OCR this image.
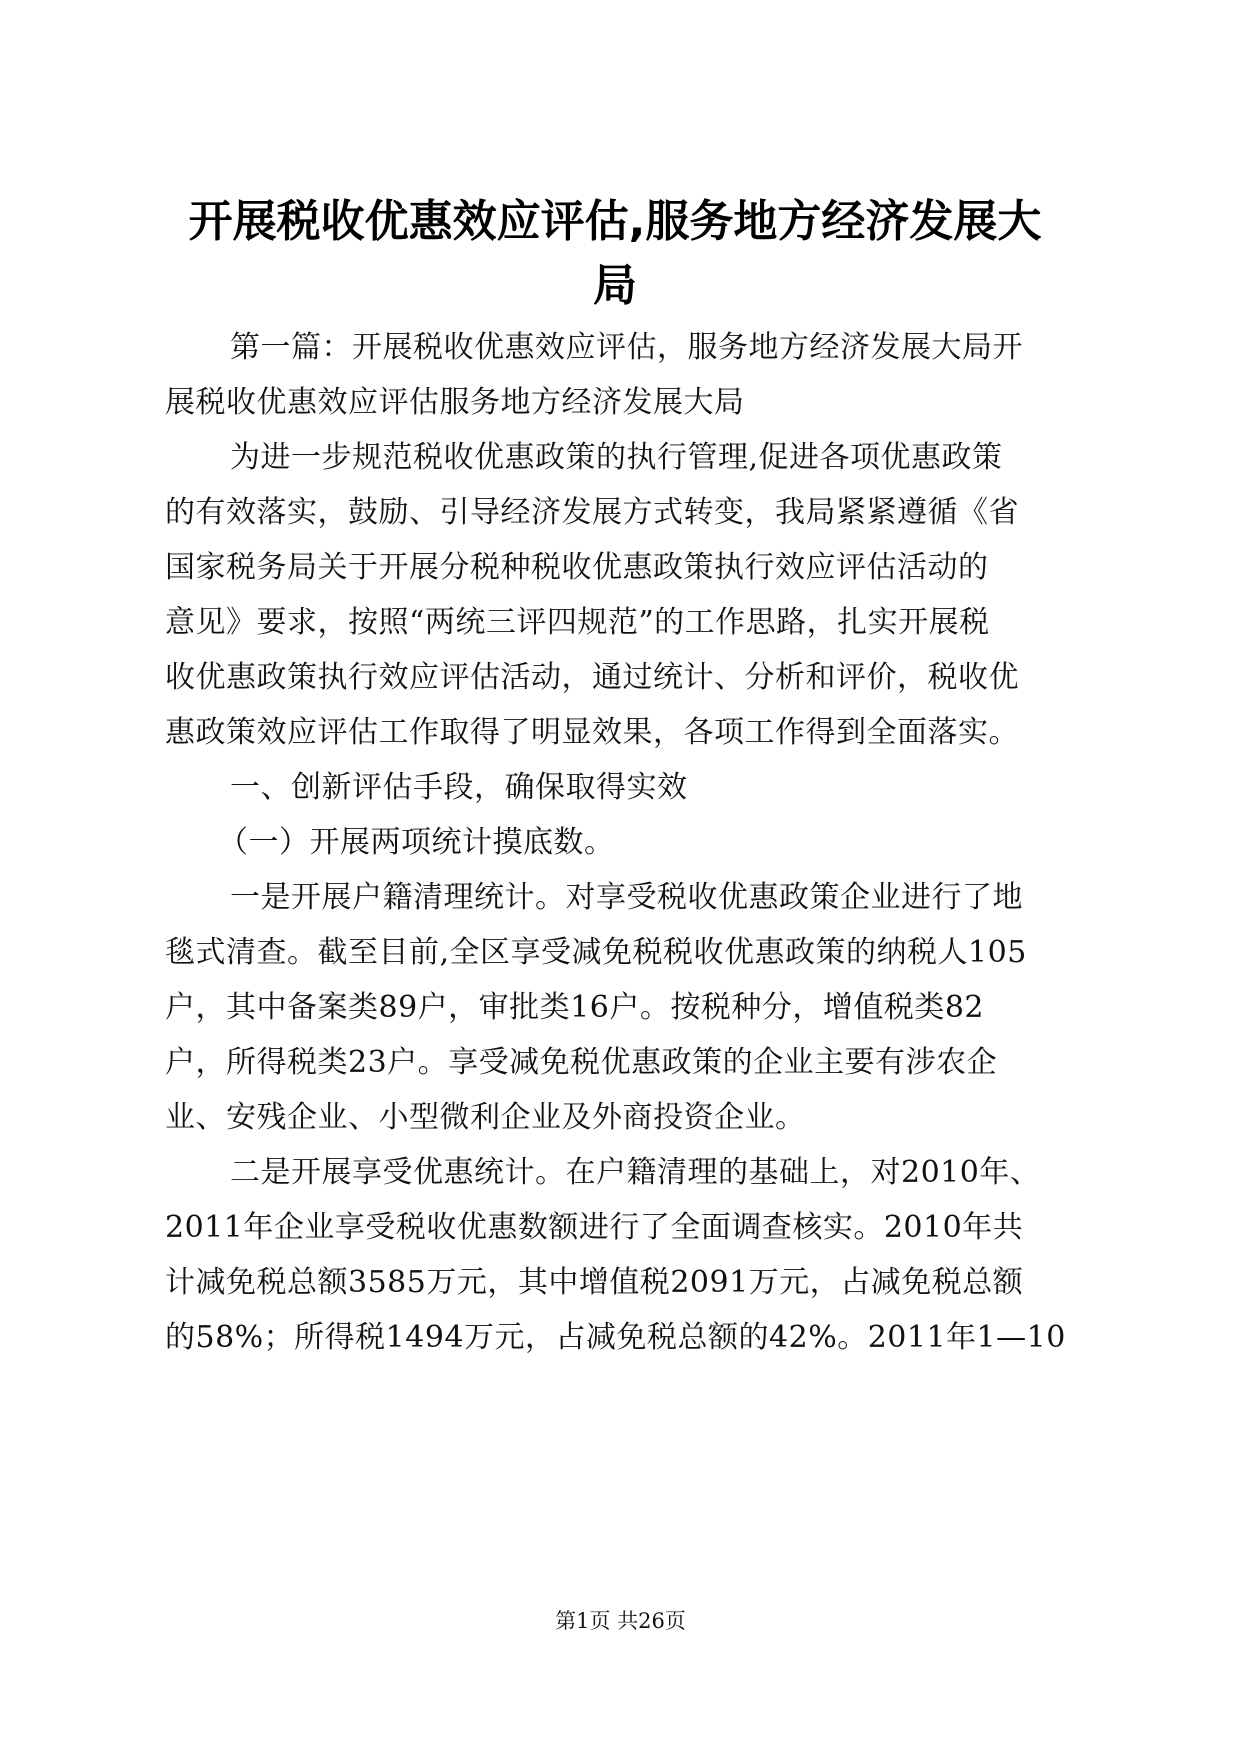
开展税收优惠效应评估,服务地方经济发展大
局
第一篇：开展税收优惠效应评估，服务地方经济发展大局开
展税收优惠效应评估服务地方经济发展大局
为进一步规范税收优惠政策的执行管理,促进各项优惠政策
的有效落实，鼓励、引导经济发展方式转变，我局紧紧遵循《省
国家税务局关于开展分税种税收优惠政策执行效应评估活动的
意见》要求，按照“两统三评四规范”的工作思路，扎实开展税
收优惠政策执行效应评估活动，通过统计、分析和评价，税收优
惠政策效应评估工作取得了明显效果，各项工作得到全面落实。
一、创新评估手段，确保取得实效
（一）开展两项统计摸底数。
一是开展户籍清理统计。对享受税收优惠政策企业进行了地
毯式清查。截至目前,全区享受减免税税收优惠政策的纳税人105
户，其中备案类89户，审批类16户。按税种分，增值税类82
户，所得税类23户。享受减免税优惠政策的企业主要有涉农企
业、安残企业、小型微利企业及外商投资企业。
二是开展享受优惠统计。在户籍清理的基础上，对2010年、
2011年企业享受税收优惠数额进行了全面调查核实。2010年共
计减免税总额3585万元，其中增值税2091万元，占减免税总额
的58%；所得税1494万元，占减免税总额的42%。2011年1—10
第1页 共26页
